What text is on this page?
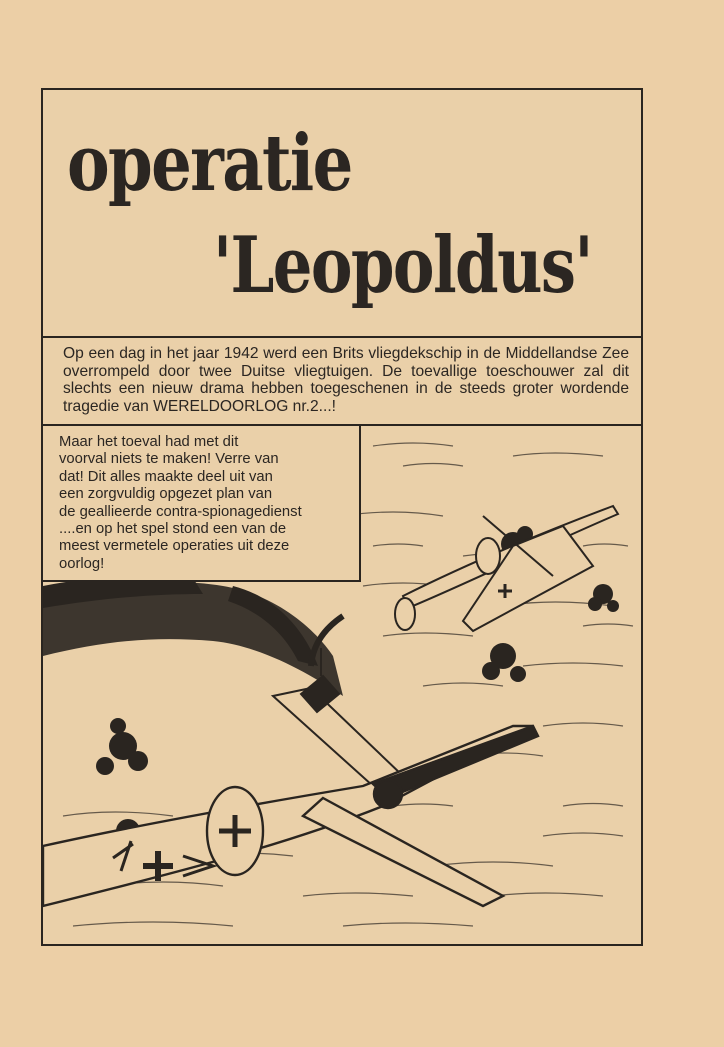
operatie
'Leopoldus'
Op een dag in het jaar 1942 werd een Brits vliegdekschip in de Middellandse Zee overrompeld door twee Duitse vliegtuigen. De toevallige toeschouwer zal dit slechts een nieuw drama hebben toegeschenen in de steeds groter wordende tragedie van WERELDOORLOG nr.2...!
Maar het toeval had met dit
voorval niets te maken! Verre van
dat! Dit alles maakte deel uit van
een zorgvuldig opgezet plan van
de geallieerde contra-spionagedienst
....en op het spel stond een van de
meest vermetele operaties uit deze
oorlog!
